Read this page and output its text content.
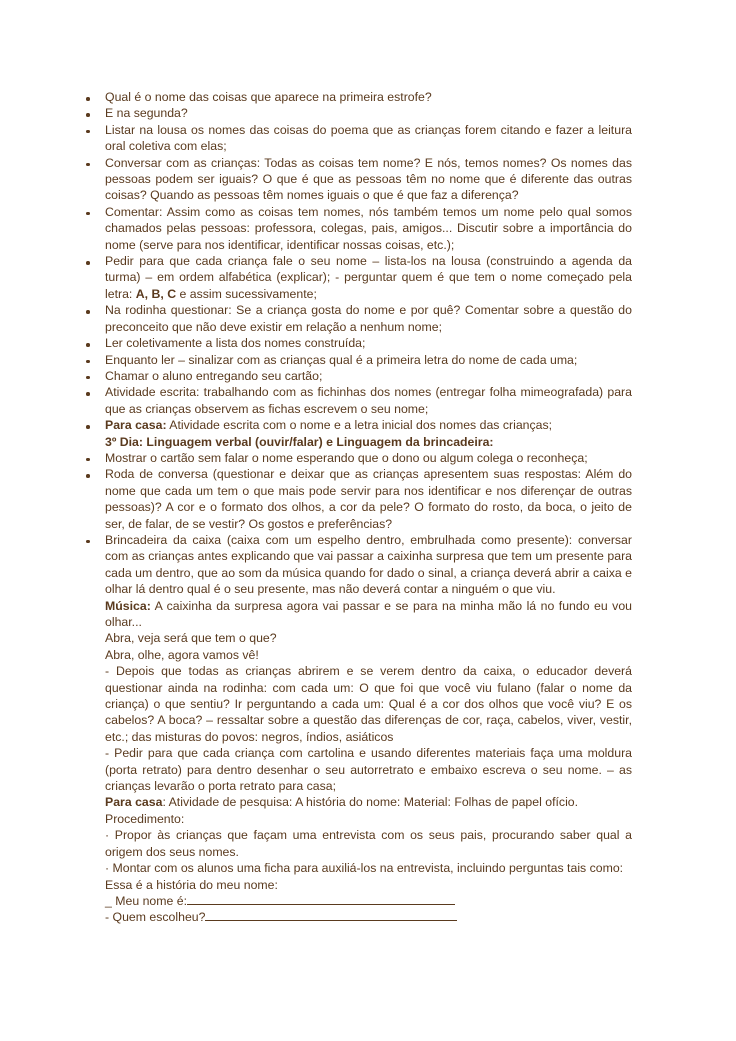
Qual é o nome das coisas que aparece na primeira estrofe?
E na segunda?
Listar na lousa os nomes das coisas do poema que as crianças forem citando e fazer a leitura oral coletiva com elas;
Conversar com as crianças: Todas as coisas tem nome? E nós, temos nomes? Os nomes das pessoas podem ser iguais? O que é que as pessoas têm no nome que é diferente das outras coisas? Quando as pessoas têm nomes iguais o que é que faz a diferença?
Comentar: Assim como as coisas tem nomes, nós também temos um nome pelo qual somos chamados pelas pessoas: professora, colegas, pais, amigos... Discutir sobre a importância do nome (serve para nos identificar, identificar nossas coisas, etc.);
Pedir para que cada criança fale o seu nome – lista-los na lousa (construindo a agenda da turma) – em ordem alfabética (explicar); - perguntar quem é que tem o nome começado pela letra: A, B, C e assim sucessivamente;
Na rodinha questionar: Se a criança gosta do nome e por quê? Comentar sobre a questão do preconceito que não deve existir em relação a nenhum nome;
Ler coletivamente a lista dos nomes construída;
Enquanto ler – sinalizar com as crianças qual é a primeira letra do nome de cada uma;
Chamar o aluno entregando seu cartão;
Atividade escrita: trabalhando com as fichinhas dos nomes (entregar folha mimeografada) para que as crianças observem as fichas escrevem o seu nome;
Para casa: Atividade escrita com o nome e a letra inicial dos nomes das crianças;
3º Dia: Linguagem verbal (ouvir/falar) e Linguagem da brincadeira:
Mostrar o cartão sem falar o nome esperando que o dono ou algum colega o reconheça;
Roda de conversa (questionar e deixar que as crianças apresentem suas respostas: Além do nome que cada um tem o que mais pode servir para nos identificar e nos diferençar de outras pessoas)? A cor e o formato dos olhos, a cor da pele? O formato do rosto, da boca, o jeito de ser, de falar, de se vestir? Os gostos e preferências?
Brincadeira da caixa (caixa com um espelho dentro, embrulhada como presente): conversar com as crianças antes explicando que vai passar a caixinha surpresa que tem um presente para cada um dentro, que ao som da música quando for dado o sinal, a criança deverá abrir a caixa e olhar lá dentro qual é o seu presente, mas não deverá contar a ninguém o que viu.
Música: A caixinha da surpresa agora vai passar e se para na minha mão lá no fundo eu vou olhar...
Abra, veja será que tem o que?
Abra, olhe, agora vamos vê!
- Depois que todas as crianças abrirem e se verem dentro da caixa, o educador deverá questionar ainda na rodinha: com cada um: O que foi que você viu fulano (falar o nome da criança) o que sentiu? Ir perguntando a cada um: Qual é a cor dos olhos que você viu? E os cabelos? A boca? – ressaltar sobre a questão das diferenças de cor, raça, cabelos, viver, vestir, etc.; das misturas do povos: negros, índios, asiáticos
- Pedir para que cada criança com cartolina e usando diferentes materiais faça uma moldura (porta retrato) para dentro desenhar o seu autorretrato e embaixo escreva o seu nome. – as crianças levarão o porta retrato para casa;
Para casa: Atividade de pesquisa: A história do nome: Material: Folhas de papel ofício.
Procedimento:
· Propor às crianças que façam uma entrevista com os seus pais, procurando saber qual a origem dos seus nomes.
· Montar com os alunos uma ficha para auxiliá-los na entrevista, incluindo perguntas tais como:
Essa é a história do meu nome:
_ Meu nome é:
- Quem escolheu?
